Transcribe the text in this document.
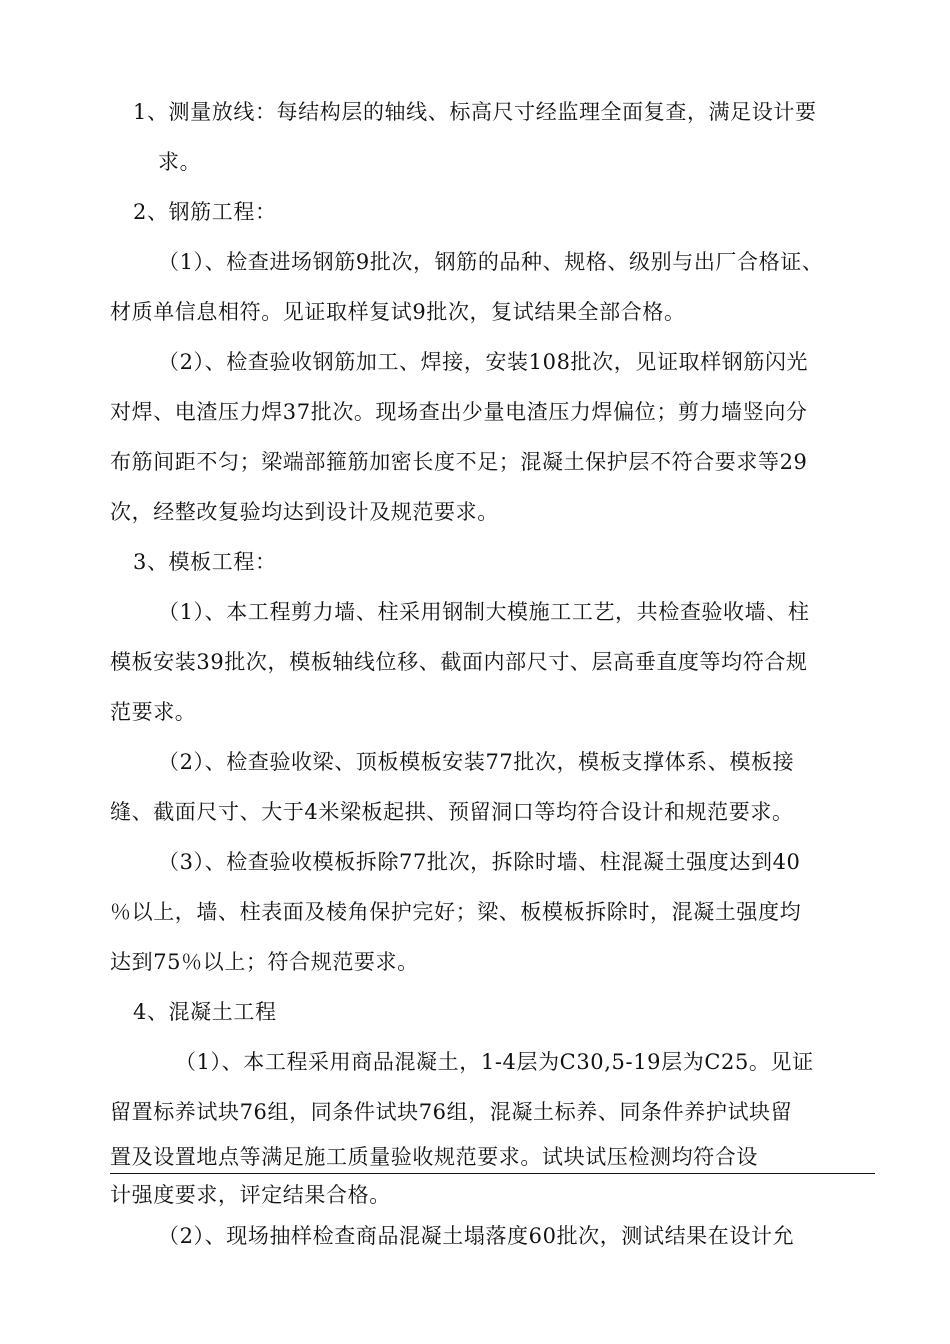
1、测量放线：每结构层的轴线、标高尺寸经监理全面复查，满足设计要
求。
2、钢筋工程：
（1）、检查进场钢筋9批次，钢筋的品种、规格、级别与出厂合格证、
材质单信息相符。见证取样复试9批次，复试结果全部合格。
（2）、检查验收钢筋加工、焊接，安装108批次，见证取样钢筋闪光
对焊、电渣压力焊37批次。现场查出少量电渣压力焊偏位；剪力墙竖向分
布筋间距不匀；梁端部箍筋加密长度不足；混凝土保护层不符合要求等29
次，经整改复验均达到设计及规范要求。
3、模板工程：
（1）、本工程剪力墙、柱采用钢制大模施工工艺，共检查验收墙、柱
模板安装39批次，模板轴线位移、截面内部尺寸、层高垂直度等均符合规
范要求。
（2）、检查验收梁、顶板模板安装77批次，模板支撑体系、模板接
缝、截面尺寸、大于4米梁板起拱、预留洞口等均符合设计和规范要求。
（3）、检查验收模板拆除77批次，拆除时墙、柱混凝土强度达到40
％以上，墙、柱表面及棱角保护完好；梁、板模板拆除时，混凝土强度均
达到75％以上；符合规范要求。
4、混凝土工程
（1）、本工程采用商品混凝土，1-4层为C30,5-19层为C25。见证
留置标养试块76组，同条件试块76组，混凝土标养、同条件养护试块留
置及设置地点等满足施工质量验收规范要求。试块试压检测均符合设
计强度要求，评定结果合格。
（2）、现场抽样检查商品混凝土塌落度60批次，测试结果在设计允
